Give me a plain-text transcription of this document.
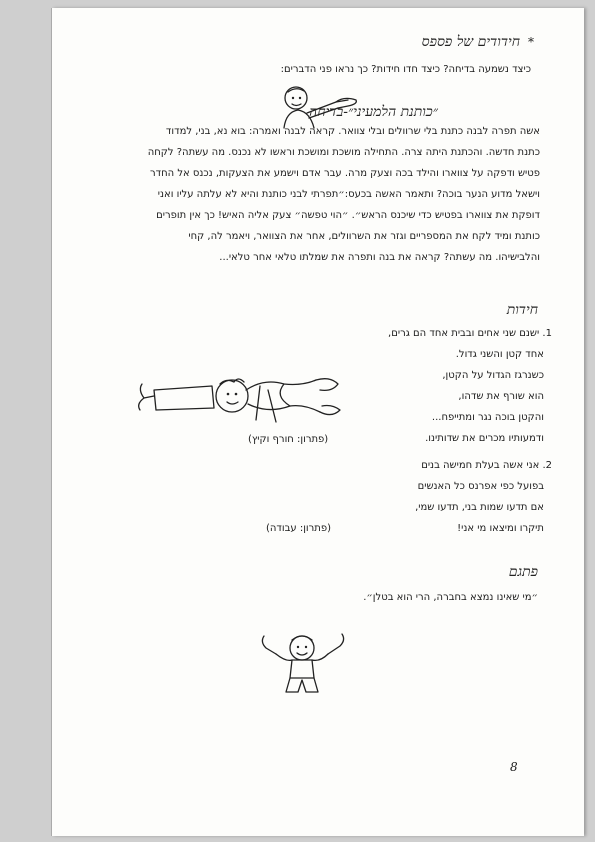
*חידודים של פספס
כיצד נשמעה בדיחה? כיצד חדו חידות? כך נראו פני הדברים:
״כותנת הלמעיני״-בדיחה
אשה תפרה לבנה כתנת בלי שרוולים ובלי צוואר. קראה לבנה ואמרה: בוא נא, בני, למדוד
כתנת חדשה. והכתנת היתה צרה. התחילה מושכת ומושכת וראשו לא נכנס. מה עשתה? לקחה
פטיש ודפקה על צווארו והילד בכה וצעק מרה. עבר אדם וישמע את הצעקות, נכנס אל החדר
וישאל מדוע הנער בוכה? ותאמר האשה בכעס:״תפרתי לבני כותנת והיא לא עלתה עליו ואני
דופקת את צווארו בפטיש כדי שיכנס הראש״. ״הוי טפשה״ צעק אליה האיש! כך אין תופרים
כותנת ומיד לקח את המספריים וגזר את השרוולים, אחר את הצוואר, ויאמר לה, קחי
והלבישיהו. מה עשתה? קראה את בנה ותפרה את שמלתו טלאי אחר טלאי...
חידות
1. ישנם שני אחים ובבית אחד הם גרים,
אחד קטן והשני גדול.
כשנרגז הגדול על הקטן,
הוא שורף את שדהו,
והקטן בוכה נגר ומתייפח...
ודמעותיו מכרים את שדותינו.
(פתרון: חורף וקיץ)
2. אני אשה בעלת חמישה בנים
בפועל כפי אפרנס כל האנשים
אם תדעו שמות בני, תדעו שמי,
תיקרו ומיצאו מי אני!
(פתרון: עבודה)
פתגם
״מי שאינו נמצא בחברה, הרי הוא בטלן״.
8
